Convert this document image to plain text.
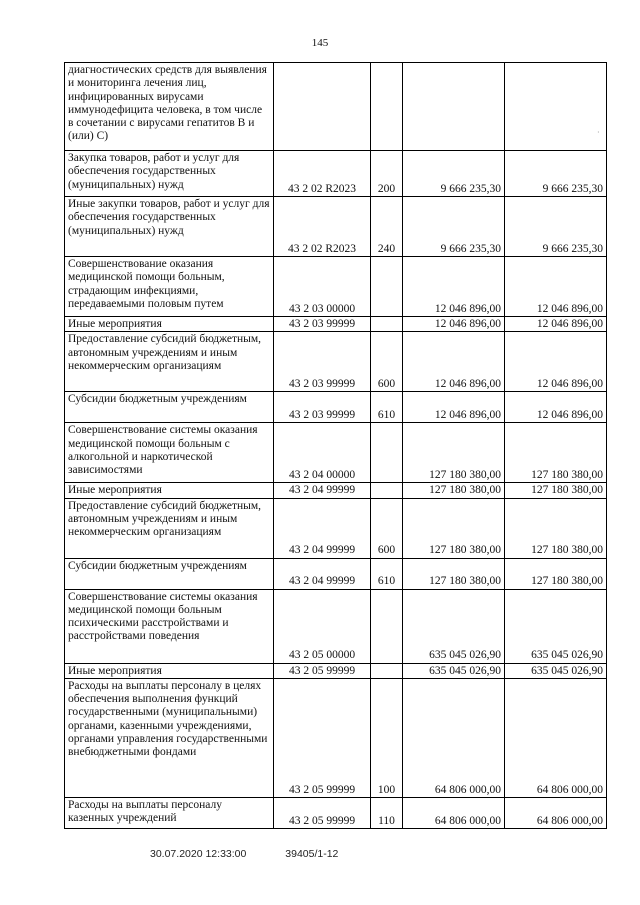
145
·
диагностических средств для выявления и мониторинга лечения лиц, инфицированных вирусами иммунодефицита человека, в том числе в сочетании с вирусами гепатитов В и (или) С)				
Закупка товаров, работ и услуг для обеспечения государственных (муниципальных) нужд	43 2 02 R2023	200	9 666 235,30	9 666 235,30
Иные закупки товаров, работ и услуг для обеспечения государственных (муниципальных) нужд	43 2 02 R2023	240	9 666 235,30	9 666 235,30
Совершенствование оказания медицинской помощи больным, страдающим инфекциями, передаваемыми половым путем	43 2 03 00000		12 046 896,00	12 046 896,00
Иные мероприятия	43 2 03 99999		12 046 896,00	12 046 896,00
Предоставление субсидий бюджетным, автономным учреждениям и иным некоммерческим организациям	43 2 03 99999	600	12 046 896,00	12 046 896,00
Субсидии бюджетным учреждениям	43 2 03 99999	610	12 046 896,00	12 046 896,00
Совершенствование системы оказания медицинской помощи больным с алкогольной и наркотической зависимостями	43 2 04 00000		127 180 380,00	127 180 380,00
Иные мероприятия	43 2 04 99999		127 180 380,00	127 180 380,00
Предоставление субсидий бюджетным, автономным учреждениям и иным некоммерческим организациям	43 2 04 99999	600	127 180 380,00	127 180 380,00
Субсидии бюджетным учреждениям	43 2 04 99999	610	127 180 380,00	127 180 380,00
Совершенствование системы оказания медицинской помощи больным психическими расстройствами и расстройствами поведения	43 2 05 00000		635 045 026,90	635 045 026,90
Иные мероприятия	43 2 05 99999		635 045 026,90	635 045 026,90
Расходы на выплаты персоналу в целях обеспечения выполнения функций государственными (муниципальными) органами, казенными учреждениями, органами управления государственными внебюджетными фондами	43 2 05 99999	100	64 806 000,00	64 806 000,00
Расходы на выплаты персоналу казенных учреждений	43 2 05 99999	110	64 806 000,00	64 806 000,00
30.07.2020 12:33:00	39405/1-12
